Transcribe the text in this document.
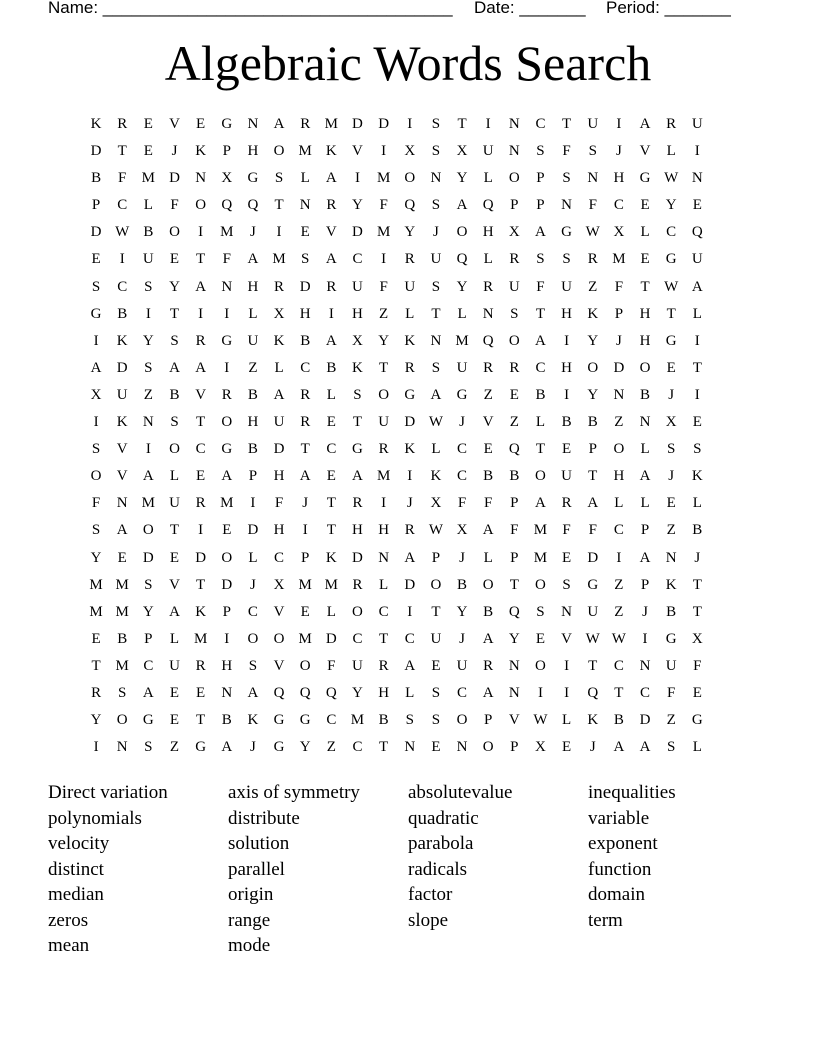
Name: _____________________________________ Date: _______ Period: _______
Algebraic Words Search
K	R	E	V	E	G	N	A	R M D	D	I	S	T	I	N	C	T	U	I	A	R	U
D	T	E	J	K	P	H	O M K	V	I	X	S	X	U	N	S	F	S	J	V	L	I
B	F	M D	N	X	G	S	L	A	I	M O	N	Y	L	O	P	S	N	H	G W N
P	C	L	F	O	Q	Q	T	N	R	Y	F	Q	S	A	Q	P	P	N	F	C	E	Y	E
D W B	O	I	M	J	I	E	V	D M Y	J	O	H	X	A	G W X	L	C	Q
E	I	U	E	T	F	A M	S	A	C	I	R	U	Q	L	R	S	S	R M E	G	U
S	C	S	Y	A	N	H	R	D	R	U	F	U	S	Y	R	U	F	U	Z	F	T W A
G	B	I	T	I	I	L	X	H	I	H	Z	L	T	L	N	S	T	H	K	P	H	T	L
I	K	Y	S	R	G	U	K	B	A	X	Y	K	N M Q	O	A	I	Y	J	H	G	I
A	D	S	A	A	I	Z	L	C	B	K	T	R	S	U	R	R	C	H	O	D	O	E	T
X	U	Z	B	V	R	B	A	R	L	S	O	G	A	G	Z	E	B	I	Y	N	B	J	I
I	K	N	S	T	O	H	U	R	E	T	U	D W	J	V	Z	L	B	B	Z	N	X	E
S	V	I	O	C	G	B	D	T	C	G	R	K	L	C	E	Q	T	E	P	O	L	S	S
O	V	A	L	E	A	P	H	A	E	A M	I	K	C	B	B	O	U	T	H	A	J	K
F	N M U	R M	I	F	J	T	R	I	J	X	F	F	P	A	R	A	L	L	E	L
S	A	O	T	I	E	D	H	I	T	H	H	R W X	A	F	M	F	F	C	P	Z	B
Y	E	D	E	D	O	L	C	P	K	D	N	A	P	J	L	P	M E	D	I	A	N	J
M M	S	V	T	D	J	X M M R	L	D	O	B	O	T	O	S	G	Z	P	K	T
M M Y	A	K	P	C	V	E	L	O	C	I	T	Y	B	Q	S	N	U	Z	J	B	T
E	B	P	L M	I	O	O M D	C	T	C	U	J	A	Y	E	V W W	I	G	X
T M C	U	R	H	S	V	O	F	U	R	A	E	U	R	N	O	I	T	C	N	U	F
R	S	A	E	E	N	A	Q	Q	Q	Y	H	L	S	C	A	N	I	I	Q	T	C	F	E
Y	O	G	E	T	B	K	G	G	C M B	S	S	O	P	V W L	K	B	D	Z	G
I	N	S	Z	G	A	J	G	Y	Z	C	T	N	E	N	O	P	X	E	J	A	A	S	L
Direct variation
polynomials
velocity
distinct
median
zeros
mean
axis of symmetry
distribute
solution
parallel
origin
range
mode
absolutevalue
quadratic
parabola
radicals
factor
slope
inequalities
variable
exponent
function
domain
term
